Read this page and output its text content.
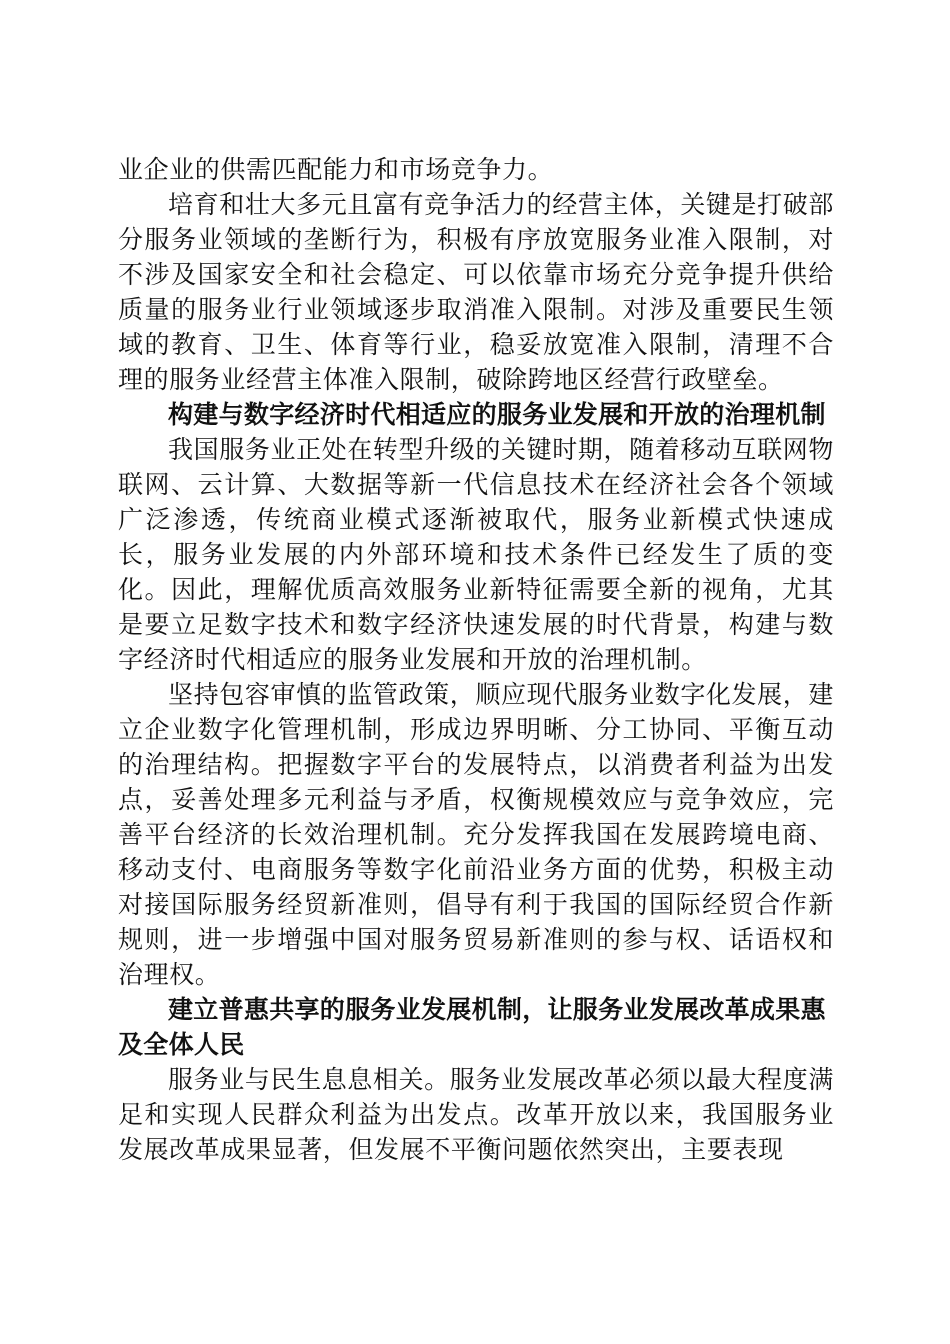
业企业的供需匹配能力和市场竞争力。

培育和壮大多元且富有竞争活力的经营主体，关键是打破部分服务业领域的垄断行为，积极有序放宽服务业准入限制，对不涉及国家安全和社会稳定、可以依靠市场充分竞争提升供给质量的服务业行业领域逐步取消准入限制。对涉及重要民生领域的教育、卫生、体育等行业，稳妥放宽准入限制，清理不合理的服务业经营主体准入限制，破除跨地区经营行政壁垒。

构建与数字经济时代相适应的服务业发展和开放的治理机制

我国服务业正处在转型升级的关键时期，随着移动互联网物联网、云计算、大数据等新一代信息技术在经济社会各个领域广泛渗透，传统商业模式逐渐被取代，服务业新模式快速成长，服务业发展的内外部环境和技术条件已经发生了质的变化。因此，理解优质高效服务业新特征需要全新的视角，尤其是要立足数字技术和数字经济快速发展的时代背景，构建与数字经济时代相适应的服务业发展和开放的治理机制。

坚持包容审慎的监管政策，顺应现代服务业数字化发展，建立企业数字化管理机制，形成边界明晰、分工协同、平衡互动的治理结构。把握数字平台的发展特点，以消费者利益为出发点，妥善处理多元利益与矛盾，权衡规模效应与竞争效应，完善平台经济的长效治理机制。充分发挥我国在发展跨境电商、移动支付、电商服务等数字化前沿业务方面的优势，积极主动对接国际服务经贸新准则，倡导有利于我国的国际经贸合作新规则，进一步增强中国对服务贸易新准则的参与权、话语权和治理权。

建立普惠共享的服务业发展机制，让服务业发展改革成果惠及全体人民

服务业与民生息息相关。服务业发展改革必须以最大程度满足和实现人民群众利益为出发点。改革开放以来，我国服务业发展改革成果显著，但发展不平衡问题依然突出，主要表现
